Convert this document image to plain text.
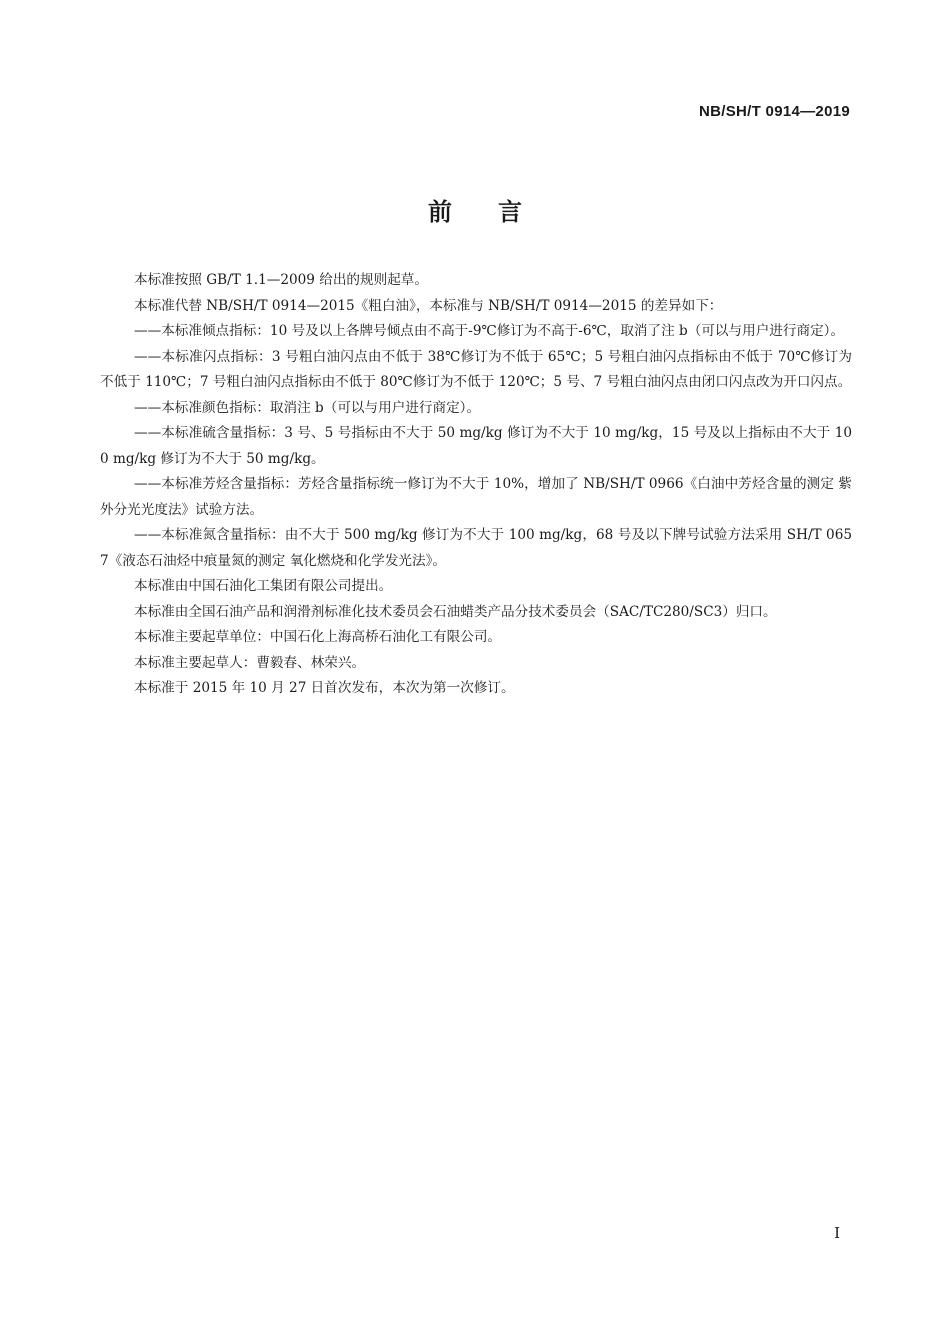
NB/SH/T 0914—2019
前言

本标准按照 GB/T 1.1—2009 给出的规则起草。

本标准代替 NB/SH/T 0914—2015《粗白油》，本标准与 NB/SH/T 0914—2015 的差异如下：

——本标准倾点指标：10 号及以上各牌号倾点由不高于-9℃修订为不高于-6℃，取消了注 b（可以与用户进行商定）。

——本标准闪点指标：3 号粗白油闪点由不低于 38℃修订为不低于 65℃；5 号粗白油闪点指标由不低于 70℃修订为不低于 110℃；7 号粗白油闪点指标由不低于 80℃修订为不低于 120℃；5 号、7 号粗白油闪点由闭口闪点改为开口闪点。

——本标准颜色指标：取消注 b（可以与用户进行商定）。

——本标准硫含量指标：3 号、5 号指标由不大于 50 mg/kg 修订为不大于 10 mg/kg，15 号及以上指标由不大于 100 mg/kg 修订为不大于 50 mg/kg。

——本标准芳烃含量指标：芳烃含量指标统一修订为不大于 10%，增加了 NB/SH/T 0966《白油中芳烃含量的测定 紫外分光光度法》试验方法。

——本标准氮含量指标：由不大于 500 mg/kg 修订为不大于 100 mg/kg，68 号及以下牌号试验方法采用 SH/T 0657《液态石油烃中痕量氮的测定 氧化燃烧和化学发光法》。

本标准由中国石油化工集团有限公司提出。

本标准由全国石油产品和润滑剂标准化技术委员会石油蜡类产品分技术委员会（SAC/TC280/SC3）归口。

本标准主要起草单位：中国石化上海高桥石油化工有限公司。

本标准主要起草人：曹毅春、林荣兴。

本标准于 2015 年 10 月 27 日首次发布，本次为第一次修订。

I
